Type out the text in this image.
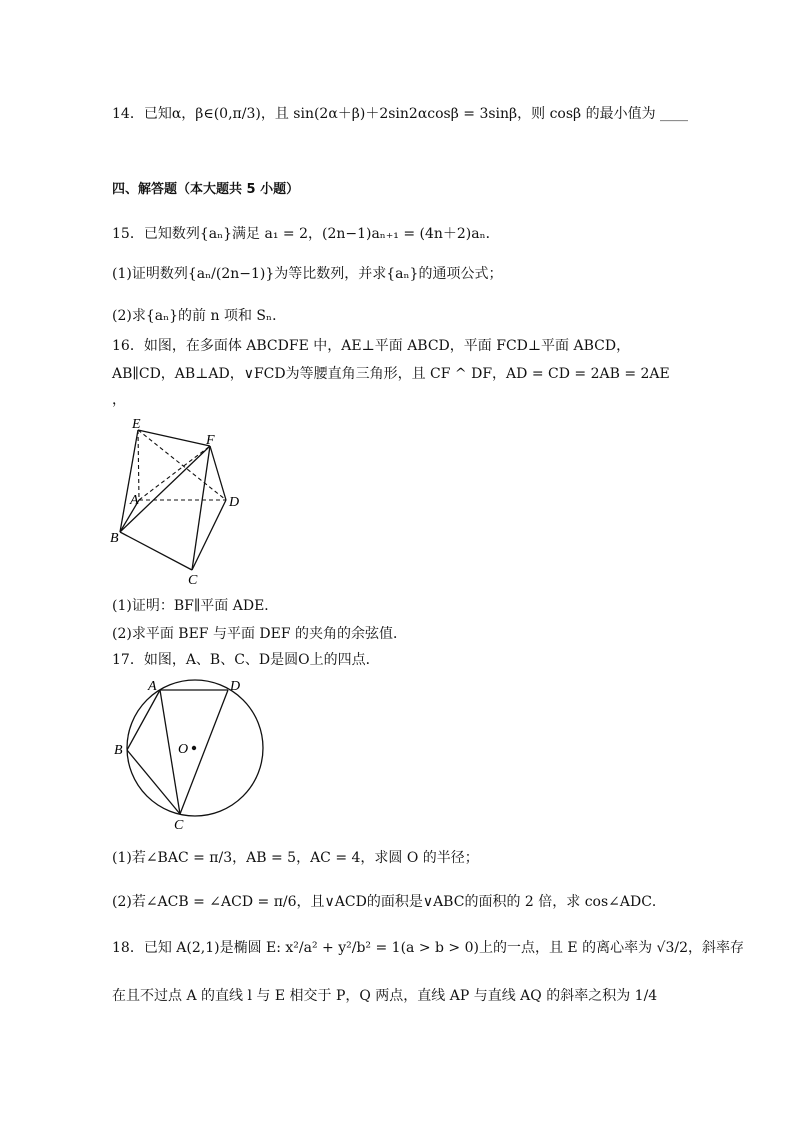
14．已知α，β∈(0,π/3)，且 sin(2α＋β)＋2sin2αcosβ = 3sinβ，则 cosβ 的最小值为 ____
四、解答题（本大题共 5 小题）
15．已知数列{aₙ}满足 a₁ = 2，(2n−1)aₙ₊₁ = (4n＋2)aₙ．
(1)证明数列{aₙ/(2n−1)}为等比数列，并求{aₙ}的通项公式；
(2)求{aₙ}的前 n 项和 Sₙ．
16．如图，在多面体 ABCDFE 中，AE⊥平面 ABCD，平面 FCD⊥平面 ABCD，
AB∥CD，AB⊥AD，∨FCD为等腰直角三角形，且 CF ^ DF，AD = CD = 2AB = 2AE
，
E
F
A	D
B
C
(1)证明：BF∥平面 ADE．
(2)求平面 BEF 与平面 DEF 的夹角的余弦值．
17．如图，A、B、C、D是圆O上的四点．
A	D
B	O
C
(1)若∠BAC = π/3，AB = 5，AC = 4，求圆 O 的半径；
(2)若∠ACB = ∠ACD = π/6，且∨ACD的面积是∨ABC的面积的 2 倍，求 cos∠ADC．
18．已知 A(2,1)是椭圆 E: x²/a² + y²/b² = 1(a > b > 0)上的一点，且 E 的离心率为 √3/2，斜率存
在且不过点 A 的直线 l 与 E 相交于 P，Q 两点，直线 AP 与直线 AQ 的斜率之积为 1/4
